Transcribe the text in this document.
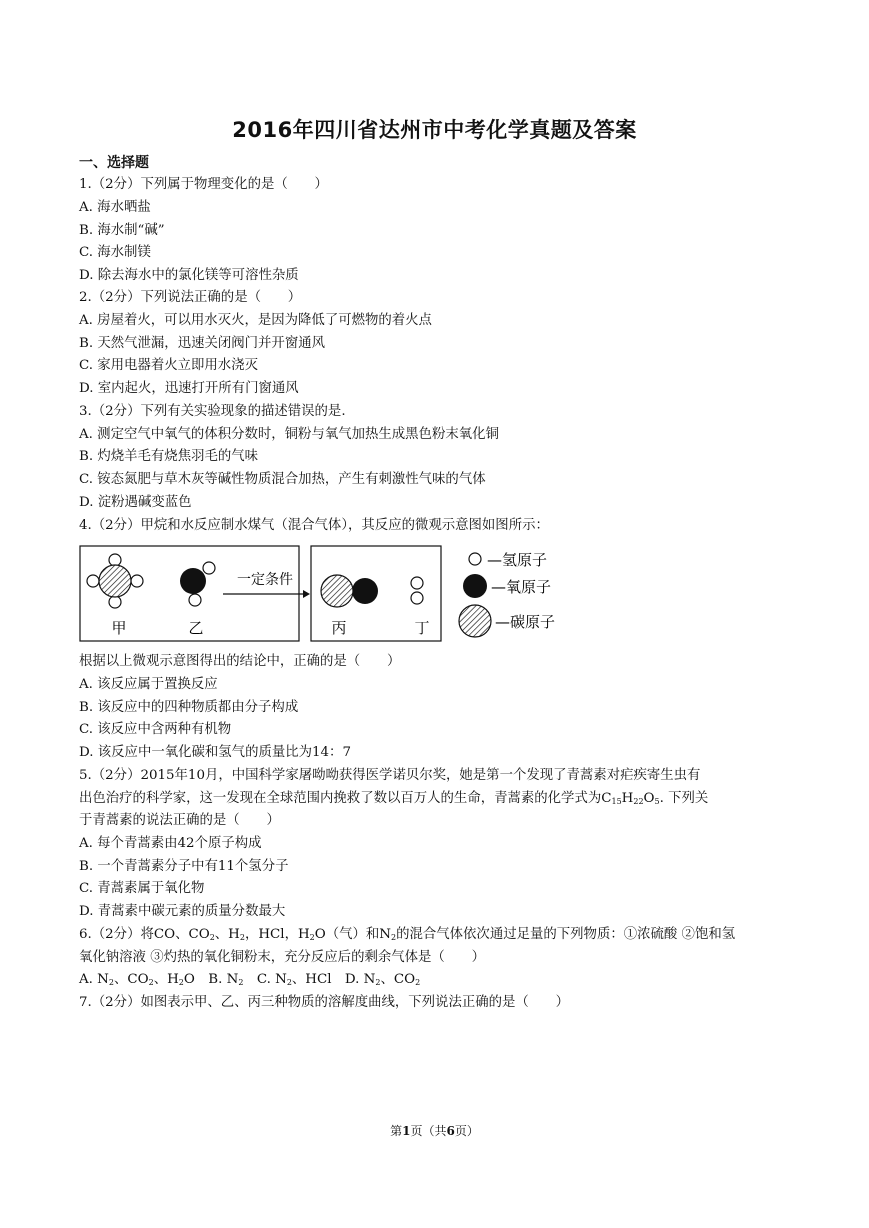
2016年四川省达州市中考化学真题及答案
一、选择题
1.（2分）下列属于物理变化的是（　　）
A. 海水晒盐
B. 海水制“碱”
C. 海水制镁
D. 除去海水中的氯化镁等可溶性杂质
2.（2分）下列说法正确的是（　　）
A. 房屋着火，可以用水灭火，是因为降低了可燃物的着火点
B. 天然气泄漏，迅速关闭阀门并开窗通风
C. 家用电器着火立即用水浇灭
D. 室内起火，迅速打开所有门窗通风
3.（2分）下列有关实验现象的描述错误的是.
A. 测定空气中氧气的体积分数时，铜粉与氧气加热生成黑色粉末氧化铜
B. 灼烧羊毛有烧焦羽毛的气味
C. 铵态氮肥与草木灰等碱性物质混合加热，产生有刺激性气味的气体
D. 淀粉遇碱变蓝色
4.（2分）甲烷和水反应制水煤气（混合气体），其反应的微观示意图如图所示：
甲	乙
一定条件
丙	丁
—氢原子
—氧原子
—碳原子
根据以上微观示意图得出的结论中，正确的是（　　）
A. 该反应属于置换反应
B. 该反应中的四种物质都由分子构成
C. 该反应中含两种有机物
D. 该反应中一氧化碳和氢气的质量比为14：7
5.（2分）2015年10月，中国科学家屠呦呦获得医学诺贝尔奖，她是第一个发现了青蒿素对疟疾寄生虫有
出色治疗的科学家，这一发现在全球范围内挽救了数以百万人的生命，青蒿素的化学式为$C_{15}H_{22}O_5$. 下列关
于青蒿素的说法正确的是（　　）
A. 每个青蒿素由42个原子构成
B. 一个青蒿素分子中有11个氢分子
C. 青蒿素属于氧化物
D. 青蒿素中碳元素的质量分数最大
6.（2分）将CO、$CO_2$、$H_2$，HCl，$H_2O$（气）和$N_2$的混合气体依次通过足量的下列物质：①浓硫酸 ②饱和氢
氧化钠溶液 ③灼热的氧化铜粉末，充分反应后的剩余气体是（　　）
A. $N_2$、$CO_2$、$H_2O$　B. $N_2$　C. $N_2$、HCl　D. $N_2$、$CO_2$
7.（2分）如图表示甲、乙、丙三种物质的溶解度曲线，下列说法正确的是（　　）
第1页（共6页）
